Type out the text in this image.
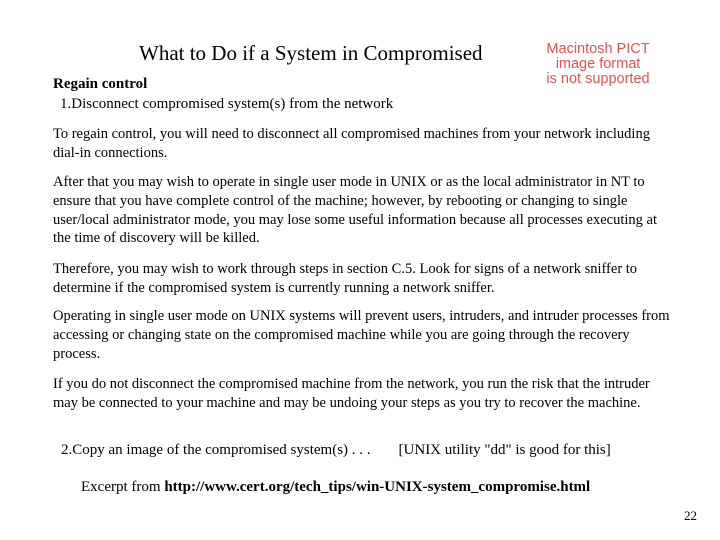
What to Do if a System in Compromised	Macintosh PICT
image format
is not supported
Regain control
1.Disconnect compromised system(s) from the network
To regain control, you will need to disconnect all compromised machines from your network including dial-in connections.
After that you may wish to operate in single user mode in UNIX or as the local administrator in NT to ensure that you have complete control of the machine; however, by rebooting or changing to single user/local administrator mode, you may lose some useful information because all processes executing at the time of discovery will be killed.
Therefore, you may wish to work through steps in section C.5. Look for signs of a network sniffer to determine if the compromised system is currently running a network sniffer.
Operating in single user mode on UNIX systems will prevent users, intruders, and intruder processes from accessing or changing state on the compromised machine while you are going through the recovery process.
If you do not disconnect the compromised machine from the network, you run the risk that the intruder may be connected to your machine and may be undoing your steps as you try to recover the machine.
2.Copy an image of the compromised system(s) . . . [UNIX utility "dd" is good for this]
Excerpt from http://www.cert.org/tech_tips/win-UNIX-system_compromise.html
22
